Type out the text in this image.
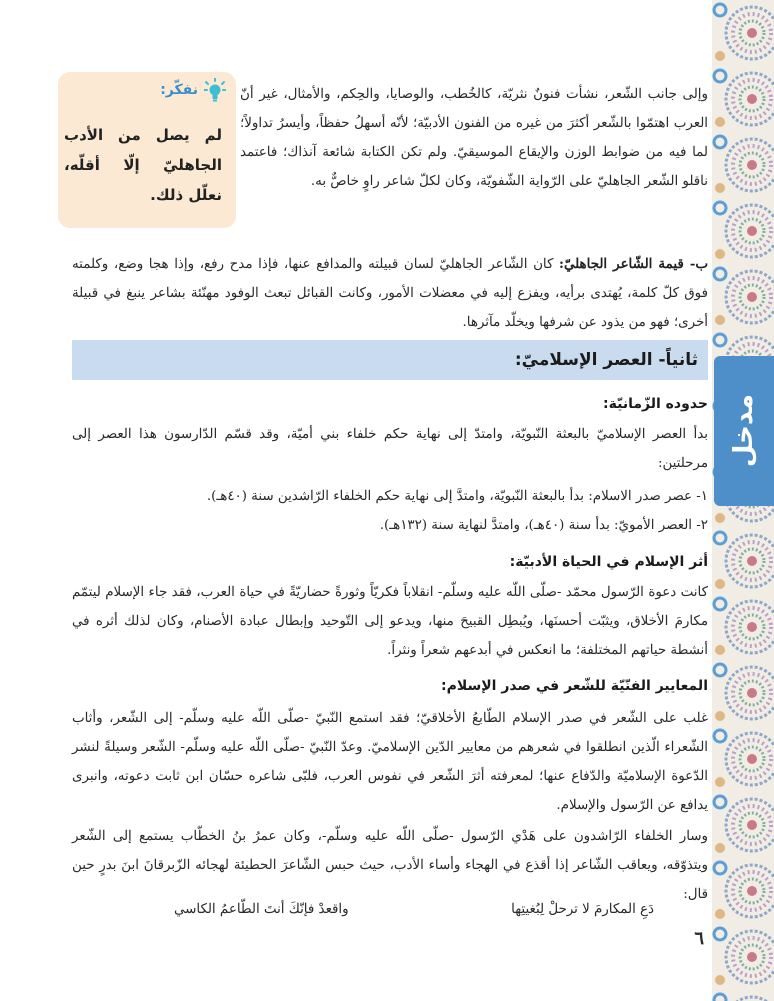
مدخل
نفكّر:
لم يصل من الأدب الجاهليّ إلّا أقلّه، نعلّل ذلك.
وإلى جانب الشّعر، نشأت فنونٌ نثريّة، كالخُطب، والوصايا، والحِكم، والأمثال، غير أنّ العرب اهتمّوا بالشّعر أكثرَ من غيره من الفنون الأدبيّة؛ لأنّه أسهلُ حفظاً، وأيسرُ تداولاً؛ لما فيه من ضوابط الوزن والإيقاع الموسيقيّ. ولم تكن الكتابة شائعة آنذاك؛ فاعتمد ناقلو الشّعر الجاهليّ على الرّواية الشّفويّة، وكان لكلّ شاعر راوٍ خاصٌّ به.
ب- قيمة الشّاعر الجاهليّ: كان الشّاعر الجاهليّ لسان قبيلته والمدافع عنها، فإذا مدح رفع، وإذا هجا وضع، وكلمته فوق كلّ كلمة، يُهتدى برأيه، ويفزع إليه في معضلات الأمور، وكانت القبائل تبعث الوفود مهنّئة بشاعر ينبغ في قبيلة أخرى؛ فهو من يذود عن شرفها ويخلّد مآثرها.
ثانياً- العصر الإسلاميّ:
حدوده الزّمانيّة:
بدأ العصر الإسلاميّ بالبعثة النّبويّة، وامتدّ إلى نهاية حكم خلفاء بني أميّة، وقد قسّم الدّارسون هذا العصر إلى مرحلتين:
١- عصر صدر الاسلام: بدأ بالبعثة النّبويّة، وامتدَّ إلى نهاية حكم الخلفاء الرّاشدين سنة (٤٠هـ).
٢- العصر الأمويّ: بدأ سنة (٤٠هـ)، وامتدَّ لنهاية سنة (١٣٢هـ).
أثر الإسلام في الحياة الأدبيّة:
كانت دعوة الرّسول محمّد -صلّى اللّه عليه وسلّم- انقلاباً فكريّاً وثورةً حضاريّةً في حياة العرب، فقد جاء الإسلام ليتمّم مكارمَ الأخلاق، ويثبّت أحسنَها، ويُبطِل القبيحَ منها، ويدعو إلى التّوحيد وإبطال عبادة الأصنام، وكان لذلك أثره في أنشطة حياتهم المختلفة؛ ما انعكس في أبدعهم شعراً ونثراً.
المعايير الفنّيّة للشّعر في صدر الإسلام:
غلب على الشّعر في صدر الإسلام الطّابعُ الأخلاقيّ؛ فقد استمع النّبيّ -صلّى اللّه عليه وسلّم- إلى الشّعر، وأثاب الشّعراء الّذين انطلقوا في شعرهم من معايير الدّين الإسلاميّ. وعدّ النّبيّ -صلّى اللّه عليه وسلّم- الشّعر وسيلةً لنشر الدّعوة الإسلاميّة والدّفاع عنها؛ لمعرفته أثرَ الشّعر في نفوس العرب، فلبّى شاعره حسّان ابن ثابت دعوته، وانبرى يدافع عن الرّسول والإسلام.
وسار الخلفاء الرّاشدون على هَدْي الرّسول -صلّى اللّه عليه وسلّم-، وكان عمرُ بنُ الخطّاب يستمع إلى الشّعر ويتذوّقه، ويعاقب الشّاعر إذا أقذع في الهجاء وأساء الأدب، حيث حبس الشّاعرَ الحطيئة لهجائه الزّبرقانَ ابنَ بدرٍ حين قال:
دَعِ المكارمَ لا ترحلْ لِبُغيتِها
واقعدْ فإنّكَ أنتَ الطّاعمُ الكاسي
٦
